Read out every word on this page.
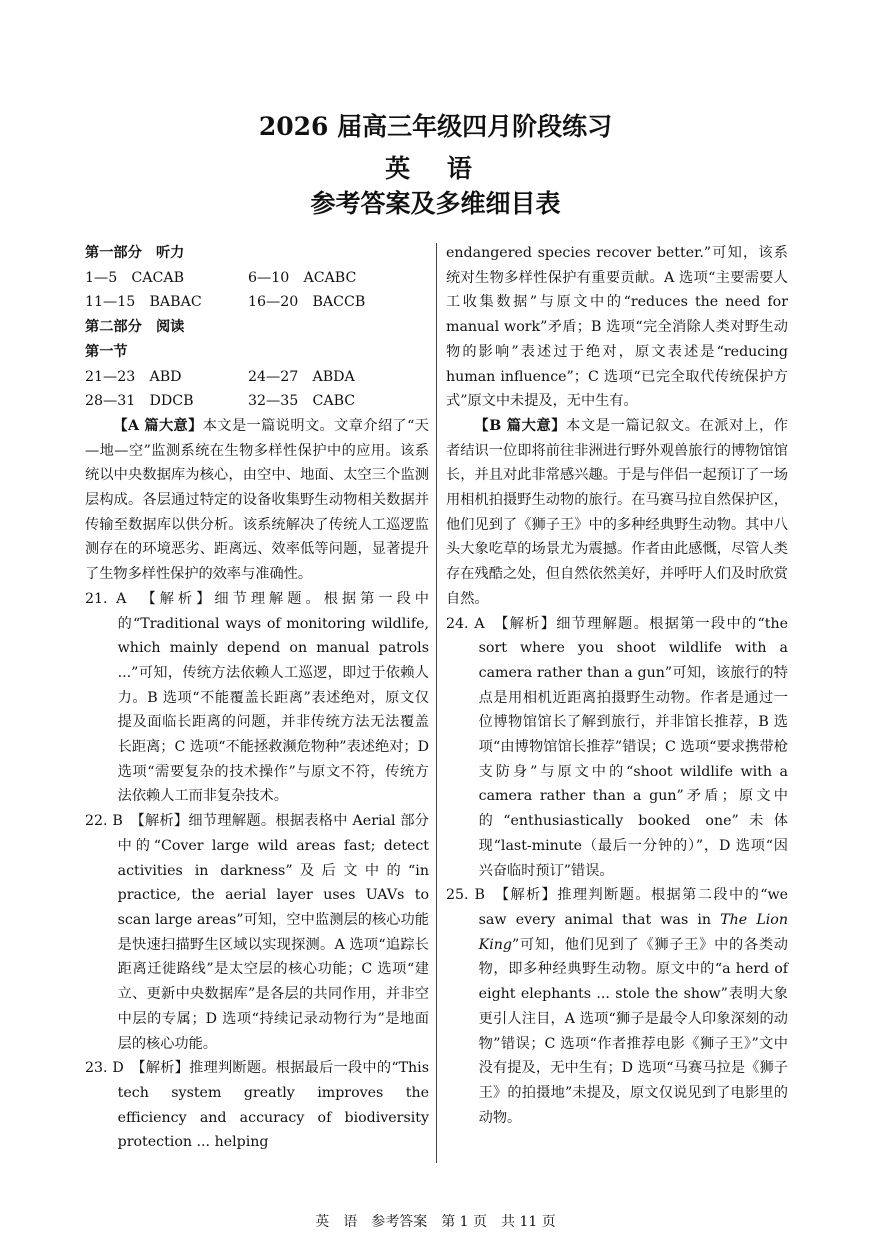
2026 届高三年级四月阶段练习
英 语
参考答案及多维细目表
第一部分　听力
1—5　CACAB	6—10　ACABC
11—15　BABAC	16—20　BACCB
第二部分　阅读
第一节
21—23　ABD	24—27　ABDA
28—31　DDCB	32—35　CABC
【A 篇大意】本文是一篇说明文。文章介绍了“天—地—空”监测系统在生物多样性保护中的应用。该系统以中央数据库为核心，由空中、地面、太空三个监测层构成。各层通过特定的设备收集野生动物相关数据并传输至数据库以供分析。该系统解决了传统人工巡逻监测存在的环境恶劣、距离远、效率低等问题，显著提升了生物多样性保护的效率与准确性。
21. A　【解析】细节理解题。根据第一段中的“Traditional ways of monitoring wildlife, which mainly depend on manual patrols ...”可知，传统方法依赖人工巡逻，即过于依赖人力。B 选项“不能覆盖长距离”表述绝对，原文仅提及面临长距离的问题，并非传统方法无法覆盖长距离；C 选项“不能拯救濒危物种”表述绝对；D 选项“需要复杂的技术操作”与原文不符，传统方法依赖人工而非复杂技术。
22. B　【解析】细节理解题。根据表格中 Aerial 部分中的“Cover large wild areas fast; detect activities in darkness”及后文中的“in practice, the aerial layer uses UAVs to scan large areas”可知，空中监测层的核心功能是快速扫描野生区域以实现探测。A 选项“追踪长距离迁徙路线”是太空层的核心功能；C 选项“建立、更新中央数据库”是各层的共同作用，并非空中层的专属；D 选项“持续记录动物行为”是地面层的核心功能。
23. D　【解析】推理判断题。根据最后一段中的“This tech system greatly improves the efficiency and accuracy of biodiversity protection ... helping
endangered species recover better.”可知，该系统对生物多样性保护有重要贡献。A 选项“主要需要人工收集数据”与原文中的“reduces the need for manual work”矛盾；B 选项“完全消除人类对野生动物的影响”表述过于绝对，原文表述是“reducing human influence”；C 选项“已完全取代传统保护方式”原文中未提及，无中生有。
【B 篇大意】本文是一篇记叙文。在派对上，作者结识一位即将前往非洲进行野外观兽旅行的博物馆馆长，并且对此非常感兴趣。于是与伴侣一起预订了一场用相机拍摄野生动物的旅行。在马赛马拉自然保护区，他们见到了《狮子王》中的多种经典野生动物。其中八头大象吃草的场景尤为震撼。作者由此感慨，尽管人类存在残酷之处，但自然依然美好，并呼吁人们及时欣赏自然。
24. A　【解析】细节理解题。根据第一段中的“the sort where you shoot wildlife with a camera rather than a gun”可知，该旅行的特点是用相机近距离拍摄野生动物。作者是通过一位博物馆馆长了解到旅行，并非馆长推荐，B 选项“由博物馆馆长推荐”错误；C 选项“要求携带枪支防身”与原文中的“shoot wildlife with a camera rather than a gun”矛盾；原文中的“enthusiastically booked one”未体现“last-minute（最后一分钟的）”，D 选项“因兴奋临时预订”错误。
25. B　【解析】推理判断题。根据第二段中的“we saw every animal that was in The Lion King”可知，他们见到了《狮子王》中的各类动物，即多种经典野生动物。原文中的“a herd of eight elephants ... stole the show”表明大象更引人注目，A 选项“狮子是最令人印象深刻的动物”错误；C 选项“作者推荐电影《狮子王》”文中没有提及，无中生有；D 选项“马赛马拉是《狮子王》的拍摄地”未提及，原文仅说见到了电影里的动物。
英　语　参考答案　第 1 页　共 11 页
